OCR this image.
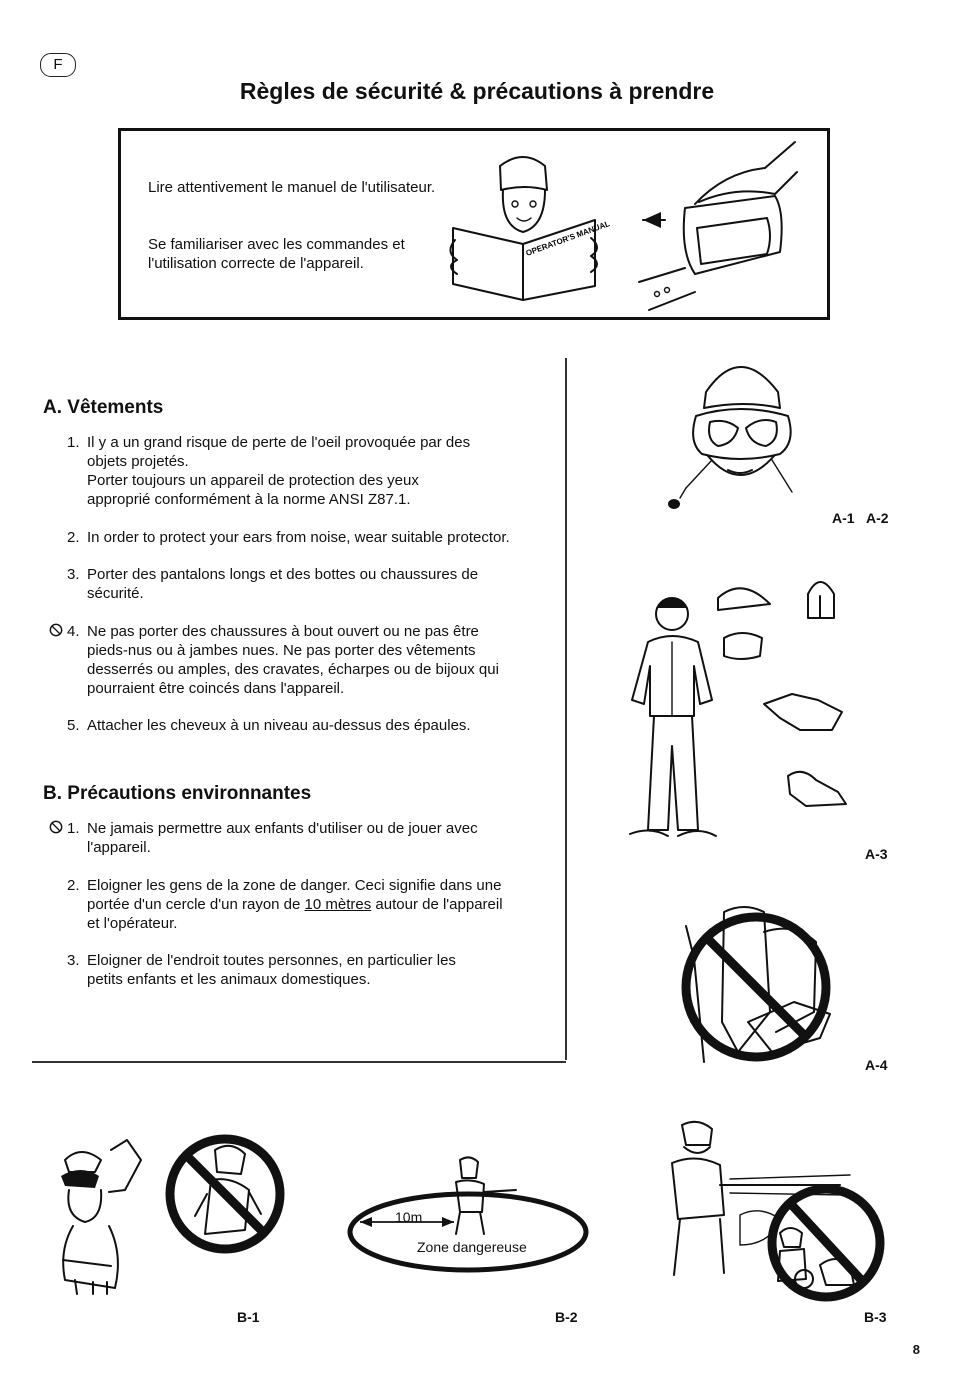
F
Règles de sécurité & précautions à prendre
Lire attentivement le manuel de l'utilisateur.
Se familiariser avec les commandes et l'utilisation correcte de l'appareil.
OPERATOR'S MANUAL
A. Vêtements
1. Il y a un grand risque de perte de l'oeil provoquée par des objets projetés.
Porter toujours un appareil de protection des yeux approprié conformément à la norme ANSI Z87.1.
2. In order to protect your ears from noise, wear suitable protector.
3. Porter des pantalons longs et des bottes ou chaussures de sécurité.
4. Ne pas porter des chaussures à bout ouvert ou ne pas être pieds-nus ou à jambes nues. Ne pas porter des vêtements desserrés ou amples, des cravates, écharpes ou de bijoux qui pourraient être coincés dans l'appareil.
5. Attacher les cheveux à un niveau au-dessus des épaules.
B. Précautions environnantes
1. Ne jamais permettre aux enfants d'utiliser ou de jouer avec l'appareil.
2. Eloigner les gens de la zone de danger. Ceci signifie dans une portée d'un cercle d'un rayon de 10 mètres autour de l'appareil et l'opérateur.
3. Eloigner de l'endroit toutes personnes, en particulier les petits enfants et les animaux domestiques.
A-1 A-2
A-3
A-4
B-1
10m
Zone dangereuse
B-2	B-3
8
